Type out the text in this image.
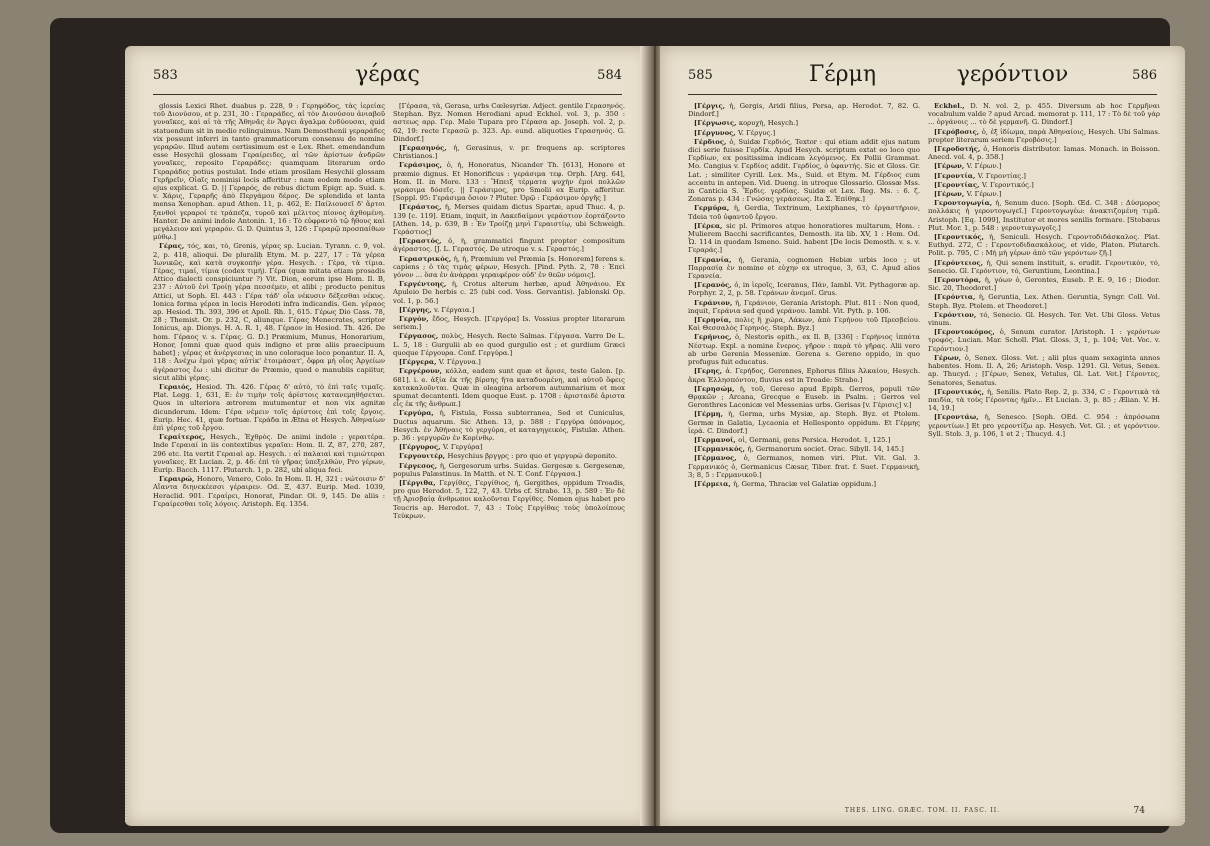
583	γέρας	584

glossis Lexici Rhet. duabus p. 228, 9 : Γερηφόδος, τὰς ἱερείας τοῦ Διονύσου, et p. 231, 30 : Γεραράδες, αἱ τὸν Διονύσου ἀνιαβοῦ γυναῖκες, καὶ αἱ τὰ τῆς Ἀθηνᾶς ἐν Ἄργει ἄγαλμα ἐνδύουσαι, quid statuendum sit in medio relinquimus. Nam Demosthenii γεραράδες vix possunt inferri in tanto grammaticorum consensu de nomine γεραρῶν. Illud autem certissimum est e Lex. Rhet. emendandum esse Hesychii glossam Γεραίρειδες, αἱ τῶν ἀρίστων ἀνδρῶν γυναῖκες, reposito Γεραράδες: quamquam literarum ordo Γεραράδες potius postulat. Inde etiam prosilam Hesychii glossam Γερῆρεῖν, Οἰαῖς nominiṣi locis afferitur : nam eodem modo etiam ejus explicat. G. D. || Γεραρός, de rebus dictum Epigr. ap. Suid. s. v. Χάρις, Γεραρῆς ἀπὸ Περγάμου δέρος. De splendida et lanta mensa Xenophan. apud Athen. 11, p. 462, E: Παίλιουσεῖ δ' ἄρτοι ξανθοὶ γεραροί τε τράπεζα, τυροῦ καὶ μέλιτος πίονος ἀχθομένη. Hanter. De animi indole Antonin. 1, 16 : Τὸ εὐφραντὸ τῷ ἤθους καὶ μεγάλειον καὶ γεραρόν. G. D. Quintus 3, 126 : Γεραρῷ προσπαίθων μύθῳ.]

Γέρας, τός, και, τὸ, Grenis, γέρας sp. Lucian. Tyrann. c. 9, vol. 2, p. 418, alioqui. De pluraliḥ Etym. M. p. 227, 17 : Τὰ γέρεα Ἰωνικῶς, καὶ κατὰ συγκοπὴν γέρα. Hesych. : Γέρα, τὰ τίμια. Γέρας, τιμαί, τίμια (codex τιμή). Γέρα (quæ mitata etiam prosadis Attico dialecti conspiciuntur ?) Vit. Dion, eorum ipse Hom. Il. B, 237 : Αὐτοῦ ἐνὶ Τροίῃ γέρα πεσσέμεν, et alibi ; producto penitus Attici, ut Soph. El. 443 : Γέρα τάδ' οἷα νέκυσιν δέξεσθαι νέκυς. Ionica forma γέρεα in locis Herodoti infra indicandis. Gen. γέραος ap. Hesiod. Th. 393, 396 et Apoll. Rh. 1, 615. Γέρως Dio Cass. 78, 28 ; Themist. Or. p. 232, C, aliunque. Γέρας Menecrates, scriptor Ionicus, ap. Dionys. H. A. R. 1, 48. Γέραον in Hesiod. Th. 426. De hom. Γέραος v. s. Γέρας. G. D.] Præmium, Munus, Honorarium, Honor, [omni quæ quod quis indigno et præ aliis praecipuum habet] ; γέρας et ἀνέργεσιας in uno coloraque loco ponantur. II. A, 118 : Ἀνέχω ἐμοὶ γέρας αὐτίκ' ἑτοιμάσατ', ὄφρα μὴ οἶος Ἀργείων ἀγέραστος ἔω : ubi dicitur de Præmio, quod e manubiis capiitur, sicut alibi γέρας.

Γεραιός, Hesiod. Th. 426. Γέρας δ' αὐτὸ, τὸ ἐπὶ ταῖς τιμαῖς. Plat. Legg. 1, 631, E: ἐν τιμὴν τοῖς ἀρίστοις κατανεμηθήσεται. Quos in ulteriora ætrorem mutumentur et non vix agnitæ dicundorum. Idem: Γέρα νέμειν τοῖς ἀρίστοις ἐπὶ τοῖς ἔργοις. Eurip. Hec. 41, quæ fortuæ. Γεράδα in Ætna et Hesych. Ἀθηναίων ἐπὶ γέρας τοῦ ἔργου.

Γεραίτερος, Hesych., Ἐχθρὸς. De animi indole : γεραιτέρα. Inde Γεραιαί in iis contextibus γεραῖαι: Hom. Il. Z, 87, 270, 287, 296 etc. Ita vertit Γεραιαὶ ap. Hesych. : αἱ παλαιαὶ καὶ τιμιώτεραι γυναῖκες. Et Lucian. 2, p. 46: ἐπὶ τὸ γῆρας ὑπεξελθών, Pro γέρων, Eurip. Bacch. 1117. Plutarch. 1, p. 282, ubi aliqua feci.

Γεραιρώ, Honoro, Venero, Colo. In Hom. Il. H, 321 : νώτοισιν δ' Αἴαντα διηνεκέεσσι γέραιρεν. Od. Ξ, 437. Eurip. Med. 1039, Heraclid. 901. Γεραίρει, Honorat, Pindar. Ol. 9, 145. De aliis : Γεραίρεσθαι τοῖς λόγοις. Aristoph. Eq. 1354.

[Γέρασα, τὰ, Gerasa, urbs Cœlesyriæ. Adject. gentile Γερασηνός. Stephan. Byz. Nomen Herodiani apud Eckhel. vol. 3, p. 350 : αστεως αρρ. Γερ. Male Tupara pro Γέρασα ap. Joseph. vol. 2, p. 62, 19: recte Γερασῶ p. 323. Ap. eund. aliquoties Γερασηνός. G. Dindorf.]

[Γερασηνός, ἡ, Gerasinus, v. pr. frequens ap. scriptores Christianos.]

Γεράσιμος, ὁ, ἡ, Honoratus, Nicander Th. [613], Honore et præmio dignus. Et Honorificus : γεράσιμα τεφ. Orph. [Arg. 64], Hom. II. in More. 133 : Ἤπειξ τέρματα ψυχὴν ἐμοὶ πολλῶν γεράσιμα δόσεῖς. || Γεράσιμος, pro Smolii ex Eurip. afferitur. [Soppl. 95: Γεράσιμα ὅσιον ? Pluter. Ὀρῷ : Γεράσιμον ὀργῆς ]

[Γεράστος, ἡ, Merses quidam dictus Spartæ, apud Thuc. 4, p. 139 [c. 119]. Etiam, inquit, in Λακεδαίμονι γεράστιον ἑορτάζοντο [Athen. 14, p. 639, B : Ἐν Τροίζῃ μηνὶ Γεραιστίῳ, ubi Schweigh. Γεράστιος]

[Γεραστός, ὁ, ἡ, grammatici fingunt propter compositum ἀγέραστος. [J. L. Γεραστός. De utroque v. s. Γεραστός.]

Γεραστρικός, ἡ, ἡ, Præmium vel Præmia [s. Honorem] ferens s. capiens ; ὁ τὰς τιμὰς φέρων, Hesych. [Pind. Pyth. 2, 78 : Ἐπεὶ γόνον ... ὅσα ἐν ἀνάρραι γεραιφέρον οὐδ' ἐν θεῶν νόμοις].

Γεργέντοης, ἡ, Crotus alterum herbæ, apud Ἀθηνάιου. Ex Apuleio De herbis c. 25 (ubi cod. Voss. Gervantis). Jablonski Op. vol. 1, p. 56.]

[Γέργης, v. Γέργαια.]

Γεργόν, ἔδος, Hesych. [Γεργόρα] Is. Vossius propter literarum seriem.]

Γέργασος, πολὺς, Hesych. Recte Salmas. Γέργασα. Varro De L. L. 5, 18 : Gurgulii ab eo quod gurgulio est ; et gurdium Græci quoque Γέργουρα. Conf. Γεργύρα.]

[Γέργερα, V. Γέργυνα.]

Γεργέρουν, κόλλα, eadem sunt quæ et ἄρισε, teste Galen. [p. 681]. i. e. ἀξία ἐκ τῆς βίρσης ἤτα καταδυομένη, καὶ αὐτοῦ ὄφεις κατακαλοῦνται. Quæ in oleagina arborem autumnarium et mox spumat decantenti. Idem quoque Eust. p. 1708 : ἀρισταιδὲ ἄριστα εἶς ἐκ τῆς ἄνθρωπ.]

Γεργύρα, ἡ, Fistula, Fossa subterranea, Sed et Cuniculus, Ductus aquarum. Sic Athen. 13, p. 588 : Γεργύρα ὑπόνομος, Hesych. ἐν Ἀθήναις τὸ γεργύρα, et καταγηγεικός, Fistulæ. Athen. p. 36 : γεργυρῶν ἐν Κορίνθῳ.

[Γέργυρος, V. Γεργύρα]

Γεργουιτέρ, Hesychius βργγρς : pro quo et γεργυρώ deponito.

Γέργεσος, ἡ, Gergesorum urbs. Suidas. Gergesæ s. Gergesenæ, populus Palæstinus. In Matth. et N. T. Conf. Γέργασα.]

[Γέργιθα, Γεργίθες, Γεργίθιος, ἡ, Gergithes, oppidum Troadis, pro quo Herodot. 5, 122, 7, 43. Urbs cf. Strabo. 13, p. 589 : Ἐν δὲ τῇ Ἀρισβαίᾳ ἄνθρωποι καλοῦνται Γεργίθες. Nomen ejus habet pro Teucris ap. Herodot. 7, 43 : Τοὺς Γεργίθας τοὺς ὑπολοίπους Τεύκρων.

585	Γέρμη	γερόντιον	586

[Γέργις, ἡ, Gergis, Aridi filius, Persa, ap. Herodot. 7, 82. G. Dindorf.]

[Γέργωσις, κορυχὴ, Hesych.]

[Γέργυνος, V. Γέργυς.]

Γέρδιος, ὁ, Suidæ Γερδιός, Textor : qui etiam addit ejus natum dici serie fuisse Γερδίκ. Apud Hesych. scriptum extat eo loco quo Γερδίων, ex positissima indicam λεγόμενος. Ex Pollii Grammat. Mo. Cangius v. Γερδίος addit. Γερδίος, ὁ ὑφαντής. Sic et Gloss. Gr. Lat. ; similiter Cyrill. Lex. Ms., Suid. et Etym. M. Γέρδιος cum accentu in antepen. Vid. Dueng. in utroque Glossario. Glossæ Mss. in Canticia S. Ἔρδις. γερδίας. Suidæ et Lex. Reg. Ms. : 6. ζ. Zonaras p. 434 : Γνώσας γεράσεως. Ita Σ. Ἐπίθηκ.]

Γερμύρα, ἡ, Gerdia, Textrinum, Lexiphanes, τὸ ἐργαστήριον, Tdeia τοῦ ὑφαντοῦ ἔργου.

[Γέρεα, sic pl. Primores atque honoratiores multarum, Hom. : Mulierem Bacchi sacrificantes, Demosth. ita lib. XV, 1 : Hom. Od. Ὦ. 114 in quodam Ismeno. Suid. habent [De locis Demosth. v. s. v. Γεραράς.]

[Γερανία, ἡ, Gerania, cognomen Hebiæ urbis loco ; ut Παρρασίᾳ ἐν nomine et εὐχην ex utroque, 3, 63, C. Apud alios Γερανεία.

[Γερανός, ὁ, in ἱεροῖς, Iceranus, Πάν, Iambl. Vit. Pythagoræ ap. Porphyr. 2, 2, p. 58. Γεράνων ἀνεμοῖ. Grus.

Γεράνιον, ἡ, Γεράνιον, Gerania Aristoph. Plut. 811 : Non quod, inquit, Γεράνια sed quod γεράνου. Iambl. Vit. Pyth. p. 106.

[Γερηνία, πολις ἢ χώρα, Λάκων, ἀπὸ Γερήνου τοῦ Πρεσβείου. Καὶ Θεσσαλὸς Γερηνός. Steph. Byz.]

Γερήνιος, ὁ, Nestoris epith., ex Il. B, [336] : Γερήνιος ἱππότα Νέστωρ. Expl. a nomine ἔνερος. γῆρον : παρὰ τὸ γῆρας. Alii vero ab urbe Gerenia Messeniæ. Gerena s. Gereno oppido, in quo profugus fuit educatus.

[Γερης, ἀ. Γερήδος, Gerennes, Ephorus filius Ἀλκαίου, Hesych. ἄκρα Ἑλλησπόντου, fluvius est in Troade: Strabo.]

[Γερησώμ, ἡ, τοῦ, Gereso apud Epiph. Gerros, populi τῶν Θρᾳκῶν ; Arcana, Grecque e Euseb. in Psalm. ; Gerros vel Geronthres Laconicæ vel Messenias urbs. Gerisas [v. Γέρισις] v.]

[Γέρμη, ἡ, Germa, urbs Mysiæ, ap. Steph. Byz. et Ptolem. Germæ in Galatia, Lycaonia et Hellesponto oppidum. Et Γέρμης ἱερά. C. Dindorf.]

[Γερμανοί, οἱ, Germani, gens Persica. Herodot. 1, 125.]

[Γερμανικός, ἡ, Germanorum societ. Orac. Sibyll. 14, 145.]

[Γέρμανος, ὁ, Germanos, nomen viri. Plut. Vit. Gal. 3. Γερμανικός ὁ, Germanicus Cæsar, Tiber. frat. f. Suet. Γερμανική, 3; 8, 5 : Γερμανικοῦ.]

[Γέρμεια, ἡ, Germa, Thraciæ vel Galatiæ oppidum.]

Eckhel., D. N. vol. 2, p. 455. Diversum ab hoc Γερμῆναι vocabulum valde ? apud Arcad. memorat p. 111, 17 : Τὸ δὲ τοῦ γάρ ... ὀργάνοις ... τὸ δὲ γερμανῆ. G. Dindorf.]

[Γερόβοσις, ὁ, ἐξ ἰδίωμα, παρὰ Ἀθηναίοις, Hesych. Ubi Salmas. propter literarum seriem Γεροβόσις.]

[Γεροδοτής, ὁ, Honoris distributor. Iamas. Monach. in Boisson. Anecd. vol. 4, p. 358.]

[Γέρων, V. Γέρων.]

[Γεροντία, V. Γεροντίας.]

[Γεροντίας, V. Γεροντικός.]

[Γέρων, V. Γέρων.]

Γεροντογωγία, ἡ, Senum duco. [Soph. Œd. C. 348 : Δύσμορος πολλάκις ἡ γεροντογωγεῖ.] Γεροντογωγέω: ἀνακτιζομένη τιμᾶ. Aristoph. [Eq. 1099], Institutor et mores senilis formare. [Stobæus Plut. Mor. 1, p. 548 : γεροντιαγωγοῖς.]

[Γεροντικός, ἡ, Seniculi. Hesych. Γεροντοδιδάσκαλος. Plat. Euthyd. 272, C : Γεροντοδιδασκάλους, et vide, Platon. Plutarch. Polit. p. 795, C : Μὴ μὴ γέρων ἀπὸ τῶν γερόντων ζῆ.]

[Γερόντειος, ἡ, Qui senem instituit, s. erudit. Γεροντικόν, τό, Senecio. Gl. Γερόντιον, τό, Geruntium, Leontina.]

[Γεροντόρα, ἡ, γόων ὁ, Gerontes, Euseb. P. E. 9, 16 ; Diodor. Sic. 20, Theodoret.]

[Γερόντια, ἡ, Geruntia, Lex. Athen. Geruntia, Syngr. Coll. Vol. Steph. Byz. Ptolem. et Theodoret.]

Γερόντιον, τό, Senecio. Gl. Hesych. Ter. Vet. Ubi Gloss. Vetus vinum.

[Γεροντοκόμος, ὁ, Senum curator. [Aristoph. 1 : γερόντων τροφός. Lucian. Mar. Scholl. Plat. Gloss. 3, 1, p. 104; Vet. Voc. v. Γερόντιον.]

Γέρων, ὁ, Senex. Gloss. Vet. ; alii plus quam sexaginta annos habentes. Hom. Il. A, 26; Aristoph. Vesp. 1291. Gl. Vetus, Senex. ap. Thucyd. ; [Γέρων, Senex, Vetulus, Gl. Lat. Vet.] Γέροντες, Senatores, Senatus.

[Γεροντικός, ἡ, Senilis. Plato Rep. 2, p. 334, C : Γεροντικὰ τὰ παιδία, τὰ τοὺς Γέροντας ἡμῖν... Et Lucian. 3, p. 85 ; Ælian. V. H. 14, 19.]

[Γεροντάω, ἡ, Senesco. [Soph. OEd. C. 954 : ἀπρόσωπα γεροντίων.] Et pro γεροντίζω ap. Hesych. Vet. Gl. ; et γερόντιον. Syll. Stob. 3, p. 106, 1 et 2 ; Thucyd. 4.]

THES. LING. GRÆC. TOM. II. FASC. II.	74
